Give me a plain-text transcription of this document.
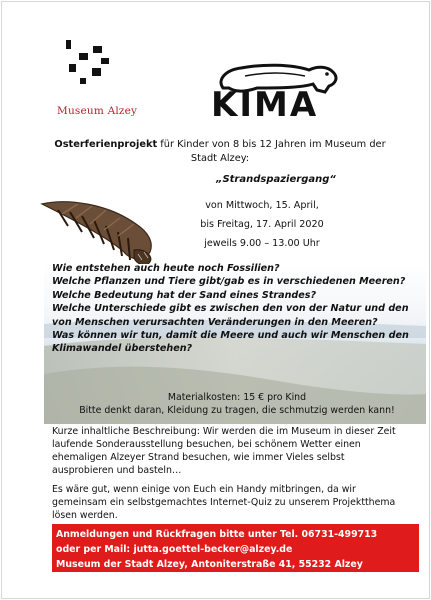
Museum Alzey KIMA
Osterferienprojekt für Kinder von 8 bis 12 Jahren im Museum der Stadt Alzey:
„Strandspaziergang“
von Mittwoch, 15. April,
bis Freitag, 17. April 2020
jeweils 9.00 – 13.00 Uhr
Wie entstehen auch heute noch Fossilien?
Welche Pflanzen und Tiere gibt/gab es in verschiedenen Meeren?
Welche Bedeutung hat der Sand eines Strandes?
Welche Unterschiede gibt es zwischen den von der Natur und den von Menschen verursachten Veränderungen in den Meeren?
Was können wir tun, damit die Meere und auch wir Menschen den Klimawandel überstehen?
Materialkosten: 15 € pro Kind
Bitte denkt daran, Kleidung zu tragen, die schmutzig werden kann!

Kurze inhaltliche Beschreibung: Wir werden die im Museum in dieser Zeit laufende Sonderausstellung besuchen, bei schönem Wetter einen ehemaligen Alzeyer Strand besuchen, wie immer Vieles selbst ausprobieren und basteln…

Es wäre gut, wenn einige von Euch ein Handy mitbringen, da wir gemeinsam ein selbstgemachtes Internet-Quiz zu unserem Projektthema lösen werden.

Anmeldungen und Rückfragen bitte unter Tel. 06731-499713
oder per Mail: jutta.goettel-becker@alzey.de
Museum der Stadt Alzey, Antoniterstraße 41, 55232 Alzey
